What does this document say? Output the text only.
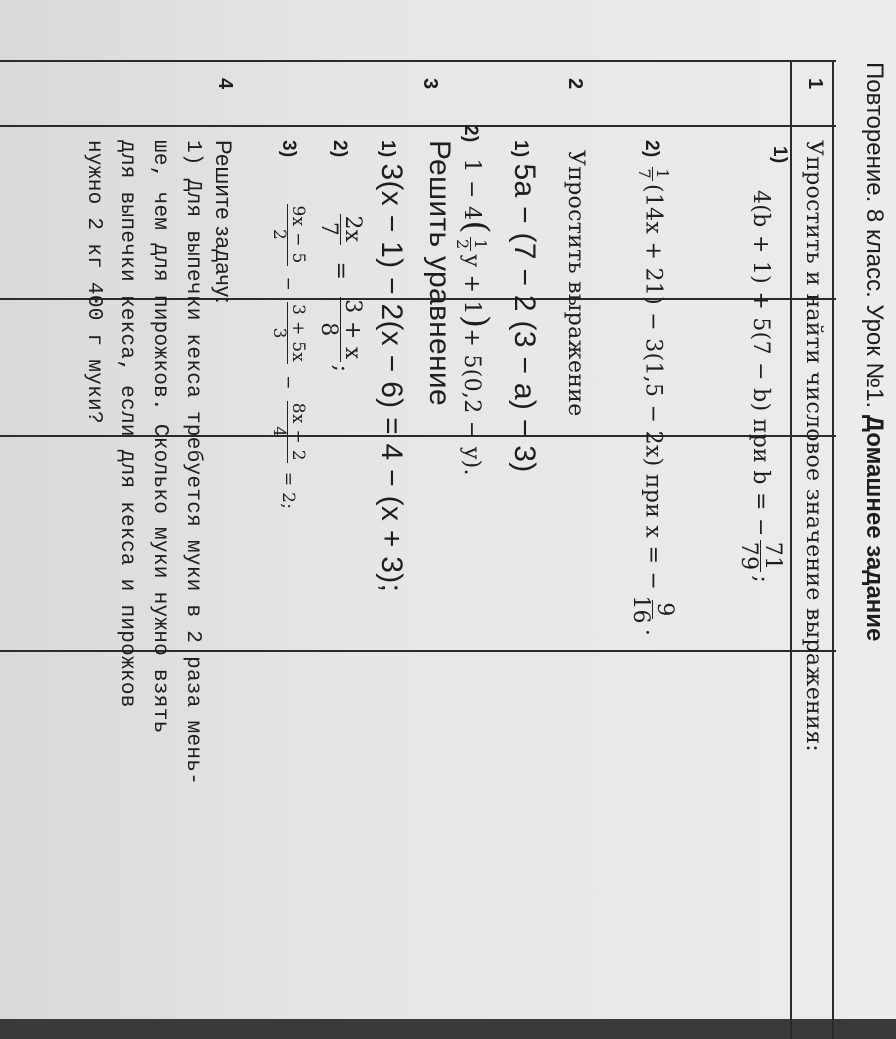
Повторение. 8 класс. Урок №1. Домашнее задание
1
Упростить и найти числовое значение выражения:
1)
4(b + 1) + 5(7 − b) при b = −
71
79
;
2)
1
7
(14x + 21) − 3(1,5 − 2x) при x = −
9
16
.
2
Упростить выражение
1)5a − (7 − 2 (3 − a) − 3)
2)1 − 4(
1
2
y + 1)+ 5(0,2 − y).
3
Решить уравнение
1)3(x − 1) − 2(x − 6) = 4 − (x + 3);
2)
2x
7
=
3 + x
8
;
3)
9x − 5
2
−
3 + 5x
3
−
8x − 2
4
= 2;
4
Решите задачу:
1) Для выпечки кекса требуется муки в 2 раза мень-
ше, чем для пирожков. Сколько муки нужно взять
для выпечки кекса, если для кекса и пирожков
нужно 2 кг 400 г муки?
